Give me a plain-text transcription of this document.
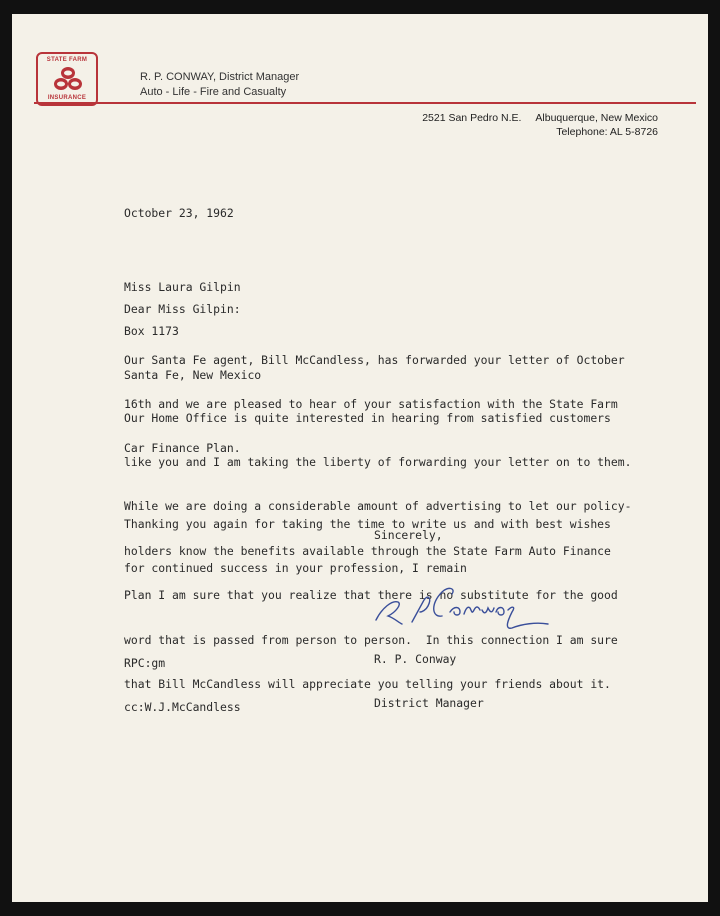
STATE FARM
INSURANCE
R. P. CONWAY, District Manager
Auto - Life - Fire and Casualty
2521 San Pedro N.E. Albuquerque, New Mexico
Telephone: AL 5-8726
October 23, 1962

Miss Laura Gilpin

Box 1173

Santa Fe, New Mexico

Dear Miss Gilpin:

Our Santa Fe agent, Bill McCandless, has forwarded your letter of October

16th and we are pleased to hear of your satisfaction with the State Farm

Car Finance Plan.

Our Home Office is quite interested in hearing from satisfied customers

like you and I am taking the liberty of forwarding your letter on to them.

While we are doing a considerable amount of advertising to let our policy-

holders know the benefits available through the State Farm Auto Finance

Plan I am sure that you realize that there is no substitute for the good

word that is passed from person to person.  In this connection I am sure

that Bill McCandless will appreciate you telling your friends about it.

Thanking you again for taking the time to write us and with best wishes

for continued success in your profession, I remain

Sincerely,

R. P. Conway

District Manager

RPC:gm

cc:W.J.McCandless
